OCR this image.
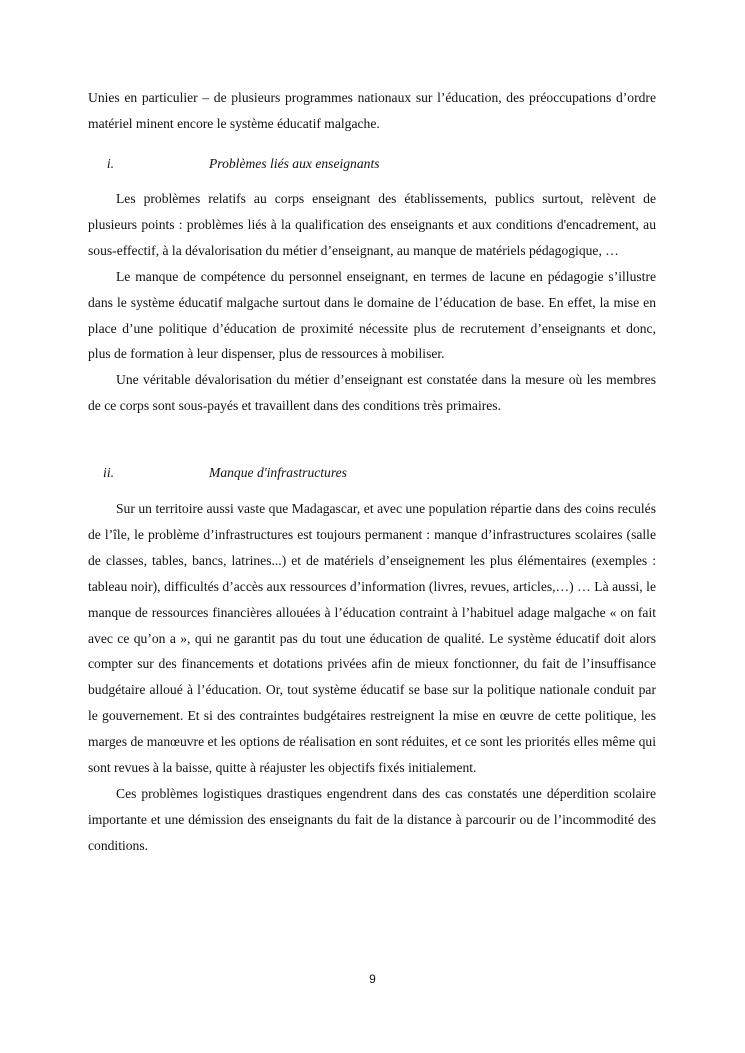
Unies en particulier – de plusieurs programmes nationaux sur l’éducation, des préoccupations d’ordre matériel minent encore le système éducatif malgache.

i.	Problèmes liés aux enseignants

Les problèmes relatifs au corps enseignant des établissements, publics surtout, relèvent de plusieurs points : problèmes liés à la qualification des enseignants et aux conditions d'encadrement, au sous-effectif, à la dévalorisation du métier d’enseignant, au manque de matériels pédagogique, …

Le manque de compétence du personnel enseignant, en termes de lacune en pédagogie s’illustre dans le système éducatif malgache surtout dans le domaine de l’éducation de base. En effet, la mise en place d’une politique d’éducation de proximité nécessite plus de recrutement d’enseignants et donc, plus de formation à leur dispenser, plus de ressources à mobiliser.

Une véritable dévalorisation du métier d’enseignant est constatée dans la mesure où les membres de ce corps sont sous-payés et travaillent dans des conditions très primaires.

ii.	Manque d'infrastructures

Sur un territoire aussi vaste que Madagascar, et avec une population répartie dans des coins reculés de l’île, le problème d’infrastructures est toujours permanent : manque d’infrastructures scolaires (salle de classes, tables, bancs, latrines...) et de matériels d’enseignement les plus élémentaires (exemples : tableau noir), difficultés d’accès aux ressources d’information (livres, revues, articles,…) … Là aussi, le manque de ressources financières allouées à l’éducation contraint à l’habituel adage malgache « on fait avec ce qu’on a », qui ne garantit pas du tout une éducation de qualité. Le système éducatif doit alors compter sur des financements et dotations privées afin de mieux fonctionner, du fait de l’insuffisance budgétaire alloué à l’éducation. Or, tout système éducatif se base sur la politique nationale conduit par le gouvernement. Et si des contraintes budgétaires restreignent la mise en œuvre de cette politique, les marges de manœuvre et les options de réalisation en sont réduites, et ce sont les priorités elles même qui sont revues à la baisse, quitte à réajuster les objectifs fixés initialement.

Ces problèmes logistiques drastiques engendrent dans des cas constatés une déperdition scolaire importante et une démission des enseignants du fait de la distance à parcourir ou de l’incommodité des conditions.

9
